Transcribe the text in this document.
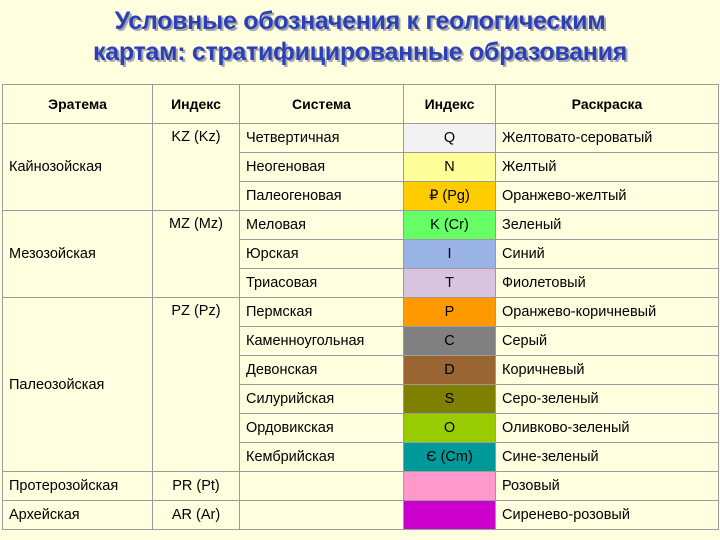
Условные обозначения к геологическим
картам: стратифицированные образования
Эратема	Индекс	Система	Индекс	Раскраска
Кайнозойская	KZ (Kz)	Четвертичная	Q	Желтовато-сероватый
		Неогеновая	N	Желтый
		Палеогеновая	₽ (Pg)	Оранжево-желтый
Мезозойская	MZ (Mz)	Меловая	K (Cr)	Зеленый
		Юрская	I	Синий
		Триасовая	T	Фиолетовый
Палеозойская	PZ (Pz)	Пермская	P	Оранжево-коричневый
		Каменноугольная	C	Серый
		Девонская	D	Коричневый
		Силурийская	S	Серо-зеленый
		Ордовикская	O	Оливково-зеленый
		Кембрийская	Є (Cm)	Сине-зеленый
Протерозойская	PR (Pt)			Розовый
Архейская	AR (Ar)			Сиренево-розовый
